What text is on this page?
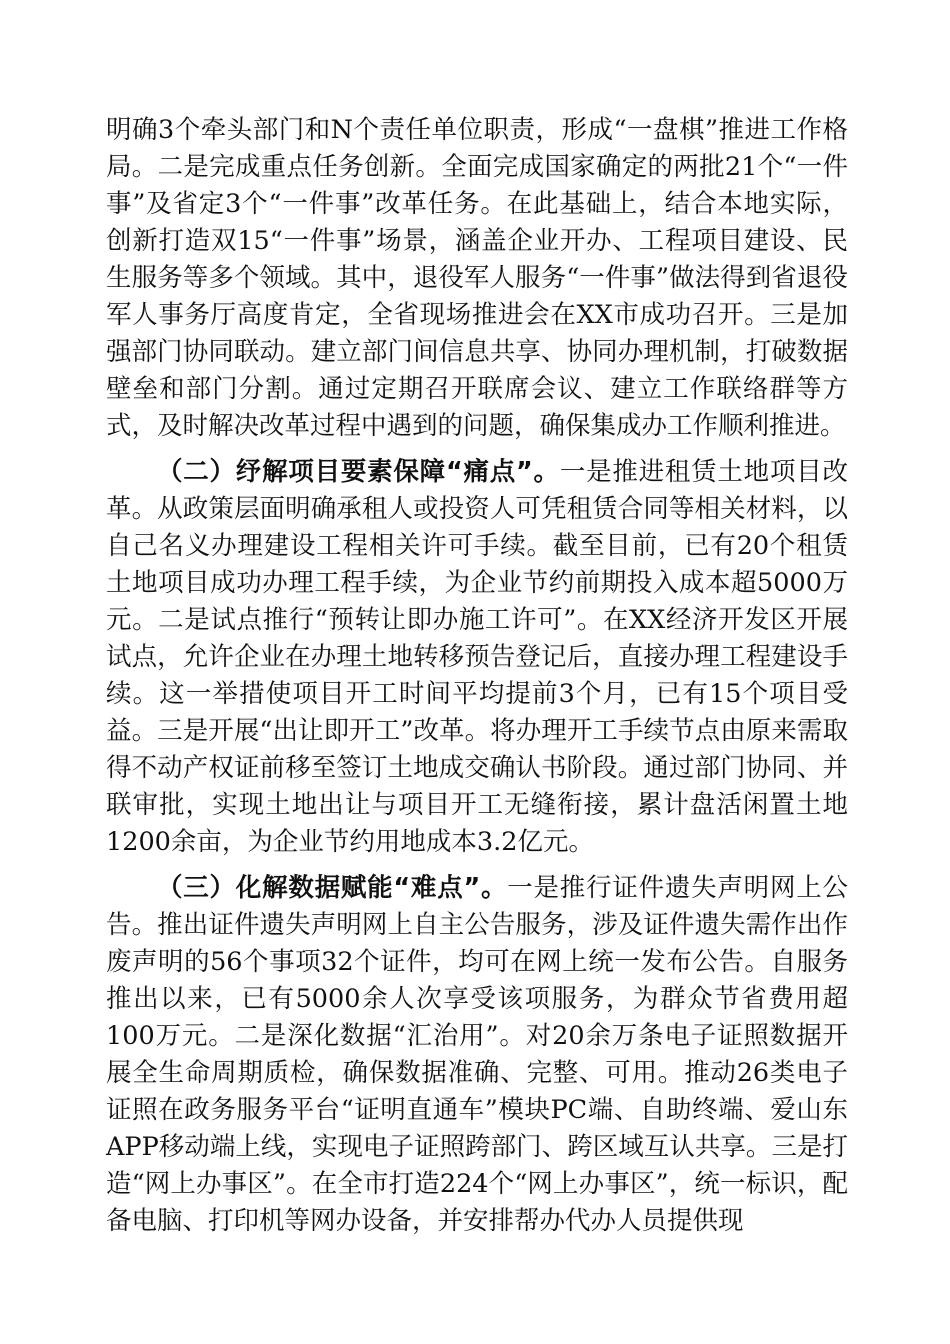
明确3个牵头部门和N个责任单位职责，形成“一盘棋”推进工作格局。二是完成重点任务创新。全面完成国家确定的两批21个“一件事”及省定3个“一件事”改革任务。在此基础上，结合本地实际，创新打造双15“一件事”场景，涵盖企业开办、工程项目建设、民生服务等多个领域。其中，退役军人服务“一件事”做法得到省退役军人事务厅高度肯定，全省现场推进会在XX市成功召开。三是加强部门协同联动。建立部门间信息共享、协同办理机制，打破数据壁垒和部门分割。通过定期召开联席会议、建立工作联络群等方式，及时解决改革过程中遇到的问题，确保集成办工作顺利推进。

（二）纾解项目要素保障“痛点”。一是推进租赁土地项目改革。从政策层面明确承租人或投资人可凭租赁合同等相关材料，以自己名义办理建设工程相关许可手续。截至目前，已有20个租赁土地项目成功办理工程手续，为企业节约前期投入成本超5000万元。二是试点推行“预转让即办施工许可”。在XX经济开发区开展试点，允许企业在办理土地转移预告登记后，直接办理工程建设手续。这一举措使项目开工时间平均提前3个月，已有15个项目受益。三是开展“出让即开工”改革。将办理开工手续节点由原来需取得不动产权证前移至签订土地成交确认书阶段。通过部门协同、并联审批，实现土地出让与项目开工无缝衔接，累计盘活闲置土地1200余亩，为企业节约用地成本3.2亿元。

（三）化解数据赋能“难点”。一是推行证件遗失声明网上公告。推出证件遗失声明网上自主公告服务，涉及证件遗失需作出作废声明的56个事项32个证件，均可在网上统一发布公告。自服务推出以来，已有5000余人次享受该项服务，为群众节省费用超100万元。二是深化数据“汇治用”。对20余万条电子证照数据开展全生命周期质检，确保数据准确、完整、可用。推动26类电子证照在政务服务平台“证明直通车”模块PC端、自助终端、爱山东APP移动端上线，实现电子证照跨部门、跨区域互认共享。三是打造“网上办事区”。在全市打造224个“网上办事区”，统一标识，配备电脑、打印机等网办设备，并安排帮办代办人员提供现
